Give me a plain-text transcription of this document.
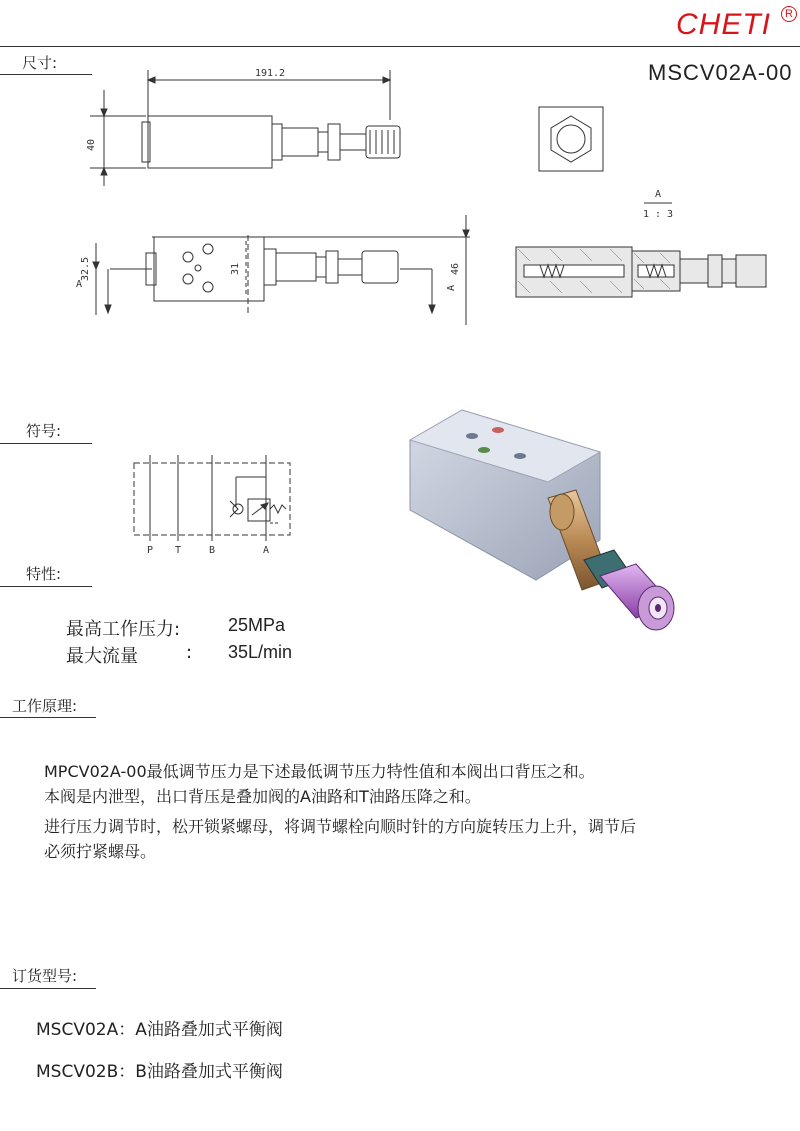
CHETI	R
尺寸:	MSCV02A-00
191.2
40
32.5	31	46
A	A
A
1 : 3
符号:
P T	B	A
特性:
最高工作压力:	25MPa
最大流量	: 35L/min
工作原理:
MPCV02A-00最低调节压力是下述最低调节压力特性值和本阀出口背压之和。
本阀是内泄型，出口背压是叠加阀的A油路和T油路压降之和。
进行压力调节时，松开锁紧螺母，将调节螺栓向顺时针的方向旋转压力上升，调节后
必须拧紧螺母。
订货型号:
MSCV02A：A油路叠加式平衡阀
MSCV02B：B油路叠加式平衡阀
